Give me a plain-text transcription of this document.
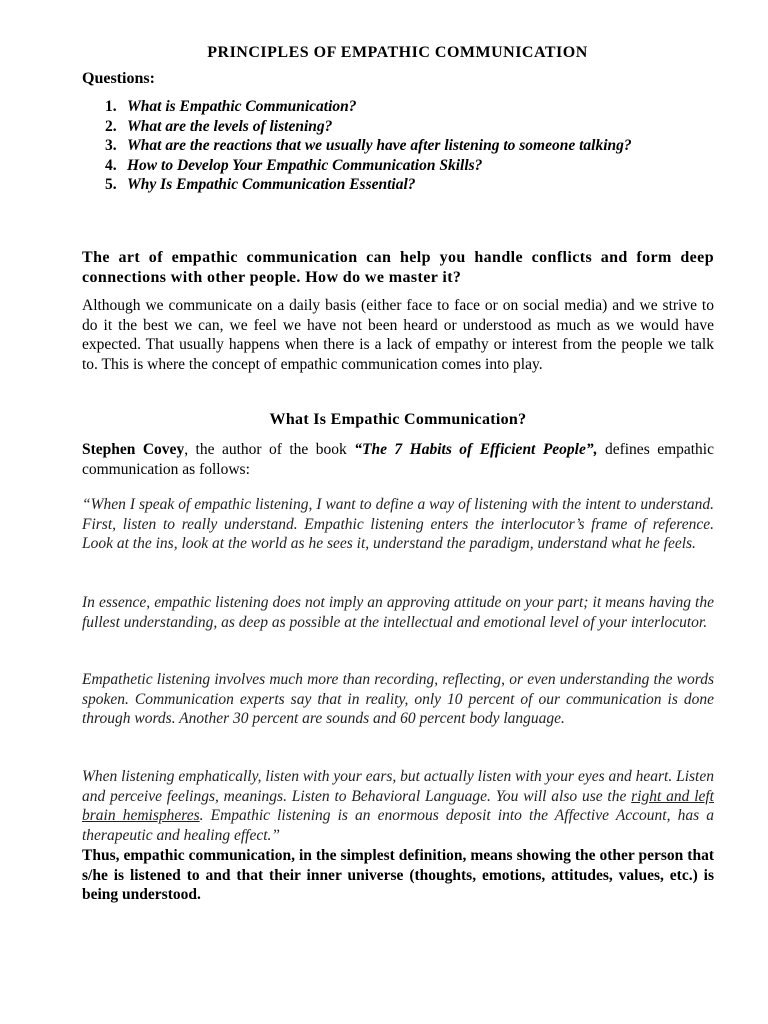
PRINCIPLES OF EMPATHIC COMMUNICATION
Questions:
1. What is Empathic Communication?
2. What are the levels of listening?
3. What are the reactions that we usually have after listening to someone talking?
4. How to Develop Your Empathic Communication Skills?
5. Why Is Empathic Communication Essential?
The art of empathic communication can help you handle conflicts and form deep connections with other people. How do we master it?
Although we communicate on a daily basis (either face to face or on social media) and we strive to do it the best we can, we feel we have not been heard or understood as much as we would have expected. That usually happens when there is a lack of empathy or interest from the people we talk to. This is where the concept of empathic communication comes into play.
What Is Empathic Communication?
Stephen Covey, the author of the book “The 7 Habits of Efficient People”, defines empathic communication as follows:
“When I speak of empathic listening, I want to define a way of listening with the intent to understand. First, listen to really understand. Empathic listening enters the interlocutor’s frame of reference. Look at the ins, look at the world as he sees it, understand the paradigm, understand what he feels.
In essence, empathic listening does not imply an approving attitude on your part; it means having the fullest understanding, as deep as possible at the intellectual and emotional level of your interlocutor.
Empathetic listening involves much more than recording, reflecting, or even understanding the words spoken. Communication experts say that in reality, only 10 percent of our communication is done through words. Another 30 percent are sounds and 60 percent body language.
When listening emphatically, listen with your ears, but actually listen with your eyes and heart. Listen and perceive feelings, meanings. Listen to Behavioral Language. You will also use the right and left brain hemispheres. Empathic listening is an enormous deposit into the Affective Account, has a therapeutic and healing effect.”
Thus, empathic communication, in the simplest definition, means showing the other person that s/he is listened to and that their inner universe (thoughts, emotions, attitudes, values, etc.) is being understood.
